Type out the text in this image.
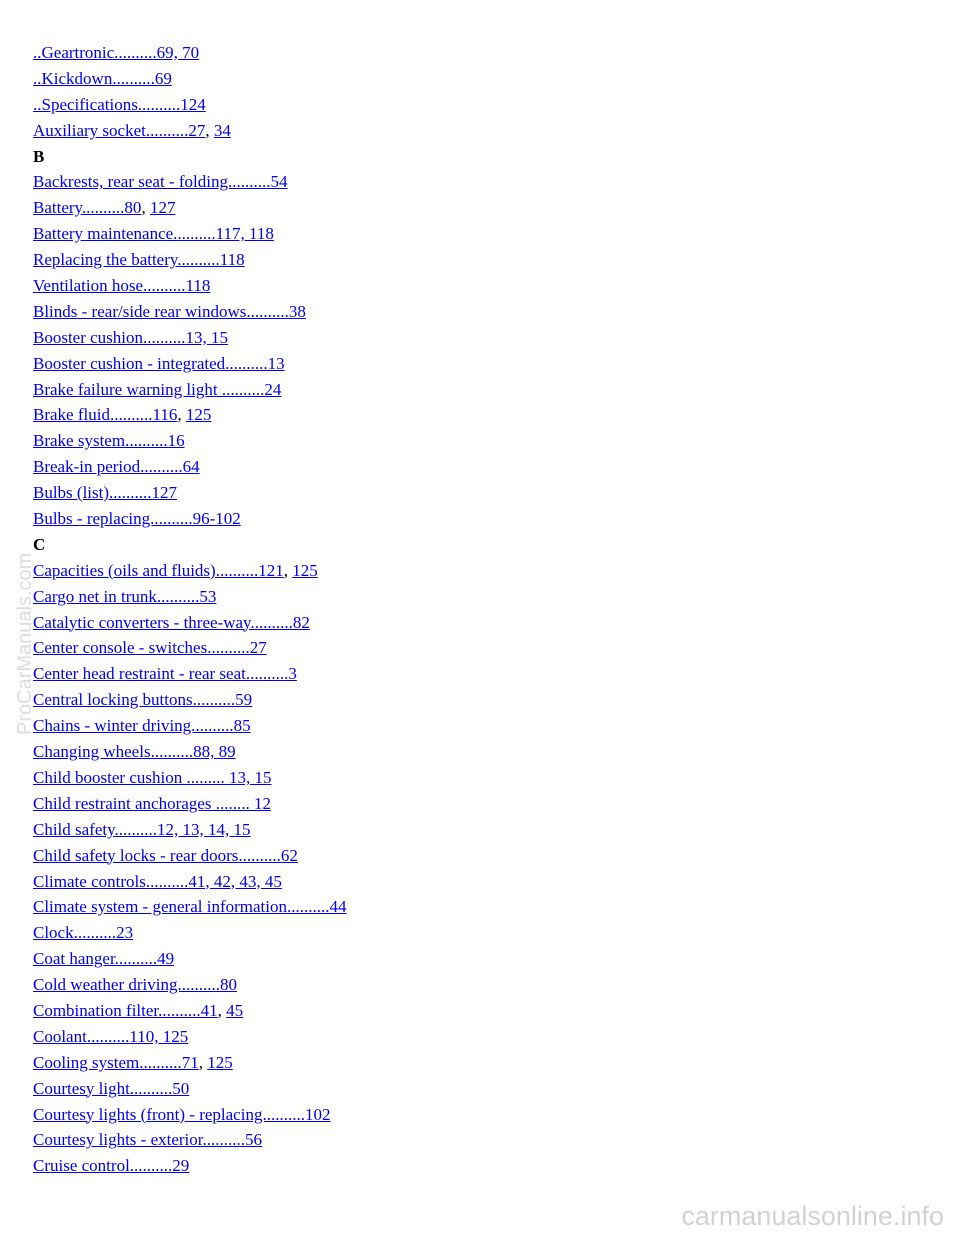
..Geartronic..........69, 70
..Kickdown..........69
..Specifications..........124
Auxiliary socket..........27, 34
B
Backrests, rear seat - folding..........54
Battery..........80, 127
Battery maintenance..........117, 118
Replacing the battery..........118
Ventilation hose..........118
Blinds - rear/side rear windows..........38
Booster cushion..........13, 15
Booster cushion - integrated..........13
Brake failure warning light ..........24
Brake fluid..........116, 125
Brake system..........16
Break-in period..........64
Bulbs (list)..........127
Bulbs - replacing..........96-102
C
Capacities (oils and fluids)..........121, 125
Cargo net in trunk..........53
Catalytic converters - three-way..........82
Center console - switches..........27
Center head restraint - rear seat..........3
Central locking buttons..........59
Chains - winter driving..........85
Changing wheels..........88, 89
Child booster cushion ......... 13, 15
Child restraint anchorages ........ 12
Child safety..........12, 13, 14, 15
Child safety locks - rear doors..........62
Climate controls..........41, 42, 43, 45
Climate system - general information..........44
Clock..........23
Coat hanger..........49
Cold weather driving..........80
Combination filter..........41, 45
Coolant..........110, 125
Cooling system..........71, 125
Courtesy light..........50
Courtesy lights (front) - replacing..........102
Courtesy lights - exterior..........56
Cruise control..........29
ProCarManuals.com
carmanualsonline.info
